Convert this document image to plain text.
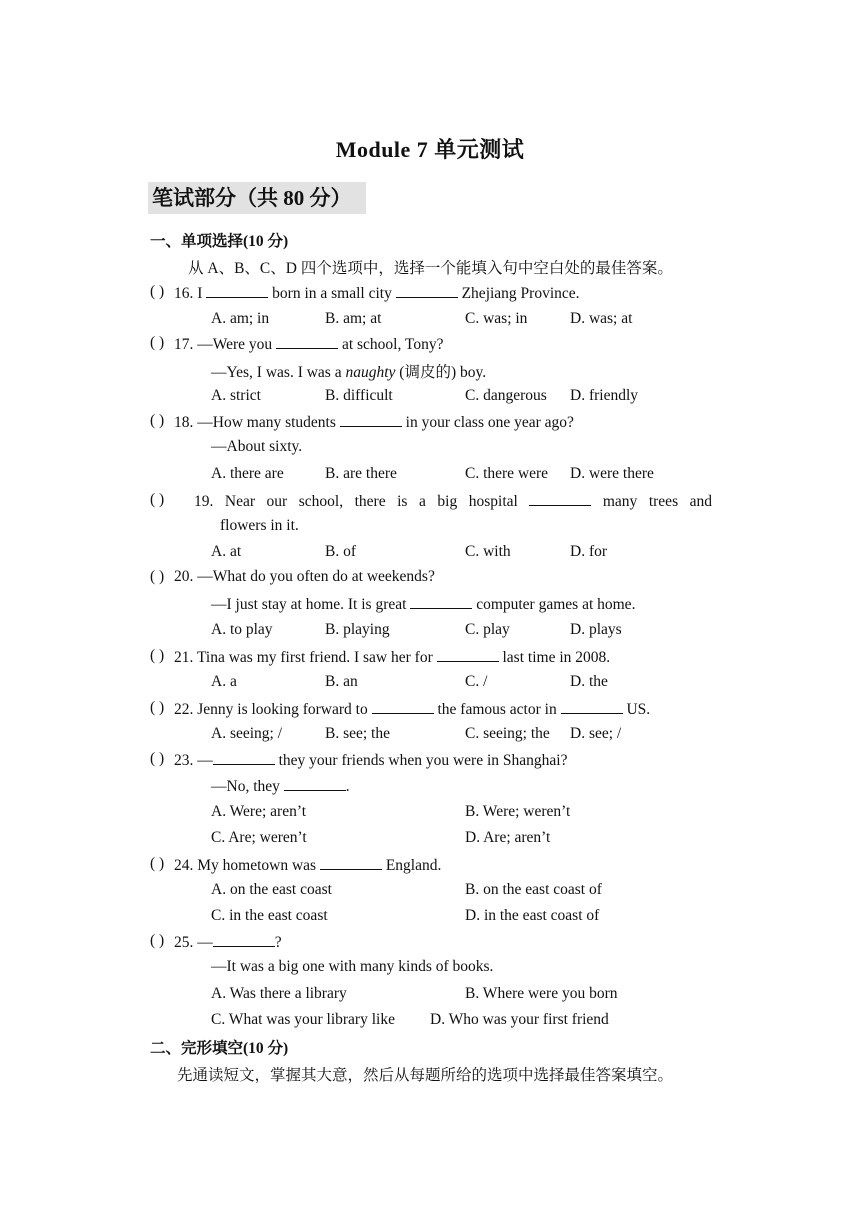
Module 7 单元测试
笔试部分（共 80 分）
一、单项选择(10 分)
从 A、B、C、D 四个选项中，选择一个能填入句中空白处的最佳答案。
( ) 16. I	born in a small city	Zhejiang Province.
A. am; in	B. am; at	C. was; in	D. was; at
( ) 17. —Were you	at school, Tony?
—Yes, I was. I was a naughty (调皮的) boy.
A. strict	B. difficult	C. dangerous D. friendly
( ) 18. —How many students	in your class one year ago?
—About sixty.
A. there are	B. are there	C. there were D. were there
( ) 19. Near our school, there is a big hospital	many trees and
flowers in it.
A. at	B. of	C. with	D. for
( ) 20. —What do you often do at weekends?
—I just stay at home. It is great	computer games at home.
A. to play	B. playing	C. play	D. plays
( ) 21. Tina was my first friend. I saw her for	last time in 2008.
A. a	B. an	C. /	D. the
( ) 22. Jenny is looking forward to	the famous actor in	US.
A. seeing; /	B. see; the	C. seeing; the D. see; /
( ) 23. —	they your friends when you were in Shanghai?
—No, they	.
A. Were; aren’t	B. Were; weren’t
C. Are; weren’t	D. Are; aren’t
( ) 24. My hometown was	England.
A. on the east coast	B. on the east coast of
C. in the east coast	D. in the east coast of
( ) 25. —	?
—It was a big one with many kinds of books.
A. Was there a library	B. Where were you born
C. What was your library like D. Who was your first friend
二、完形填空(10 分)
先通读短文，掌握其大意，然后从每题所给的选项中选择最佳答案填空。
